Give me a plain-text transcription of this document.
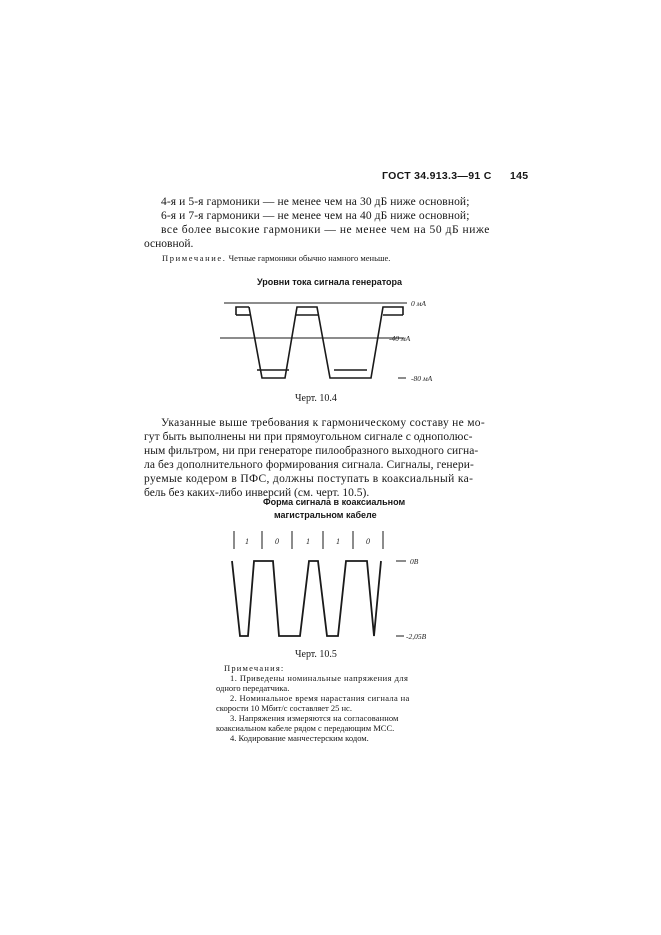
ГОСТ 34.913.3—91 С 145
4-я и 5-я гармоники — не менее чем на 30 дБ ниже основной;
6-я и 7-я гармоники — не менее чем на 40 дБ ниже основной;
все более высокие гармоники — не менее чем на 50 дБ ниже
основной.
Примечание. Четные гармоники обычно намного меньше.
Уровни тока сигнала генератора
0 мА
-40 мА
-80 мА
Черт. 10.4
Указанные выше требования к гармоническому составу не мо-
гут быть выполнены ни при прямоугольном сигнале с однополюс-
ным фильтром, ни при генераторе пилообразного выходного сигна-
ла без дополнительного формирования сигнала. Сигналы, генери-
руемые кодером в ПФС, должны поступать в коаксиальный ка-
бель без каких-либо инверсий (см. черт. 10.5).
Форма сигнала в коаксиальном
магистральном кабеле
1	0	1	1	0
0В
-2,05В
Черт. 10.5
Примечания:
1. Приведены номинальные напряжения для
одного передатчика.
2. Номинальное время нарастания сигнала на
скорости 10 Мбит/с составляет 25 нс.
3. Напряжения измеряются на согласованном
коаксиальном кабеле рядом с передающим МСС.
4. Кодирование манчестерским кодом.
